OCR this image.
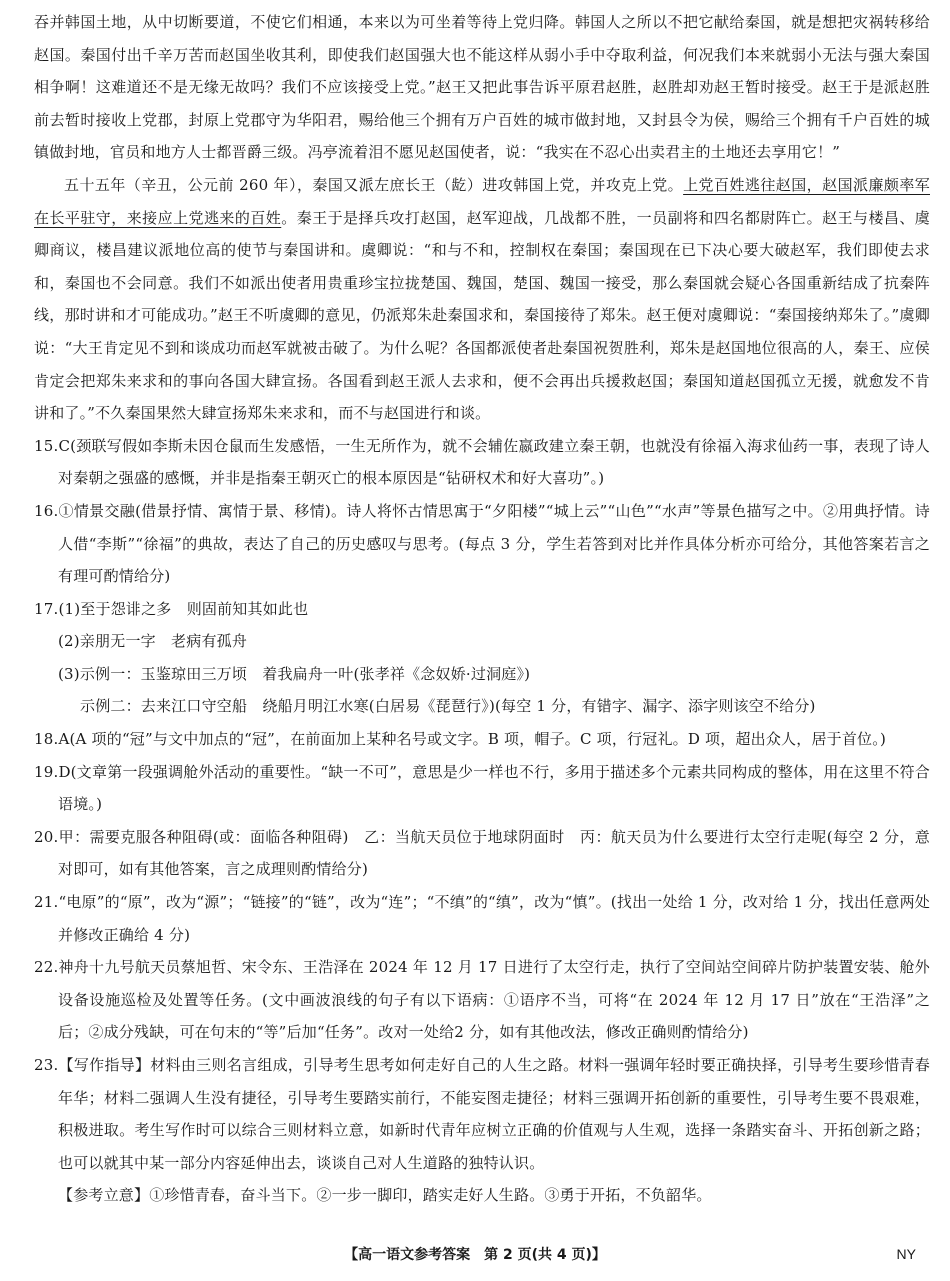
吞并韩国土地，从中切断要道，不使它们相通，本来以为可坐着等待上党归降。韩国人之所以不把它献给秦国，就是想把灾祸转移给赵国。秦国付出千辛万苦而赵国坐收其利，即使我们赵国强大也不能这样从弱小手中夺取利益，何况我们本来就弱小无法与强大秦国相争啊！这难道还不是无缘无故吗？我们不应该接受上党。”赵王又把此事告诉平原君赵胜，赵胜却劝赵王暂时接受。赵王于是派赵胜前去暂时接收上党郡，封原上党郡守为华阳君，赐给他三个拥有万户百姓的城市做封地，又封县令为侯，赐给三个拥有千户百姓的城镇做封地，官员和地方人士都晋爵三级。冯亭流着泪不愿见赵国使者，说：“我实在不忍心出卖君主的土地还去享用它！”

五十五年（辛丑，公元前 260 年），秦国又派左庶长王（龁）进攻韩国上党，并攻克上党。上党百姓逃往赵国，赵国派廉颇率军在长平驻守，来接应上党逃来的百姓。秦王于是择兵攻打赵国，赵军迎战，几战都不胜，一员副将和四名都尉阵亡。赵王与楼昌、虞卿商议，楼昌建议派地位高的使节与秦国讲和。虞卿说：“和与不和，控制权在秦国；秦国现在已下决心要大破赵军，我们即使去求和，秦国也不会同意。我们不如派出使者用贵重珍宝拉拢楚国、魏国，楚国、魏国一接受，那么秦国就会疑心各国重新结成了抗秦阵线，那时讲和才可能成功。”赵王不听虞卿的意见，仍派郑朱赴秦国求和，秦国接待了郑朱。赵王便对虞卿说：“秦国接纳郑朱了。”虞卿说：“大王肯定见不到和谈成功而赵军就被击破了。为什么呢？各国都派使者赴秦国祝贺胜利，郑朱是赵国地位很高的人，秦王、应侯肯定会把郑朱来求和的事向各国大肆宣扬。各国看到赵王派人去求和，便不会再出兵援救赵国；秦国知道赵国孤立无援，就愈发不肯讲和了。”不久秦国果然大肆宣扬郑朱来求和，而不与赵国进行和谈。

15.C(颈联写假如李斯未因仓鼠而生发感悟，一生无所作为，就不会辅佐嬴政建立秦王朝，也就没有徐福入海求仙药一事，表现了诗人对秦朝之强盛的感慨，并非是指秦王朝灭亡的根本原因是“钻研权术和好大喜功”。)

16.①情景交融(借景抒情、寓情于景、移情)。诗人将怀古情思寓于“夕阳楼”“城上云”“山色”“水声”等景色描写之中。②用典抒情。诗人借“李斯”“徐福”的典故，表达了自己的历史感叹与思考。(每点 3 分，学生若答到对比并作具体分析亦可给分，其他答案若言之有理可酌情给分)

17.(1)至于怨诽之多　则固前知其如此也

(2)亲朋无一字　老病有孤舟

(3)示例一：玉鉴琼田三万顷　着我扁舟一叶(张孝祥《念奴娇·过洞庭》)

示例二：去来江口守空船　绕船月明江水寒(白居易《琵琶行》)(每空 1 分，有错字、漏字、添字则该空不给分)

18.A(A 项的“冠”与文中加点的“冠”，在前面加上某种名号或文字。B 项，帽子。C 项，行冠礼。D 项，超出众人，居于首位。)

19.D(文章第一段强调舱外活动的重要性。“缺一不可”，意思是少一样也不行，多用于描述多个元素共同构成的整体，用在这里不符合语境。)

20.甲：需要克服各种阻碍(或：面临各种阻碍)　乙：当航天员位于地球阴面时　丙：航天员为什么要进行太空行走呢(每空 2 分，意对即可，如有其他答案，言之成理则酌情给分)

21.“电原”的“原”，改为“源”；“链接”的“链”，改为“连”；“不缜”的“缜”，改为“慎”。(找出一处给 1 分，改对给 1 分，找出任意两处并修改正确给 4 分)

22.神舟十九号航天员蔡旭哲、宋令东、王浩泽在 2024 年 12 月 17 日进行了太空行走，执行了空间站空间碎片防护装置安装、舱外设备设施巡检及处置等任务。(文中画波浪线的句子有以下语病：①语序不当，可将“在 2024 年 12 月 17 日”放在“王浩泽”之后；②成分残缺，可在句末的“等”后加“任务”。改对一处给2 分，如有其他改法，修改正确则酌情给分)

23.【写作指导】材料由三则名言组成，引导考生思考如何走好自己的人生之路。材料一强调年轻时要正确抉择，引导考生要珍惜青春年华；材料二强调人生没有捷径，引导考生要踏实前行，不能妄图走捷径；材料三强调开拓创新的重要性，引导考生要不畏艰难，积极进取。考生写作时可以综合三则材料立意，如新时代青年应树立正确的价值观与人生观，选择一条踏实奋斗、开拓创新之路；也可以就其中某一部分内容延伸出去，谈谈自己对人生道路的独特认识。

【参考立意】①珍惜青春，奋斗当下。②一步一脚印，踏实走好人生路。③勇于开拓，不负韶华。

【高一语文参考答案　第 2 页(共 4 页)】	NY
